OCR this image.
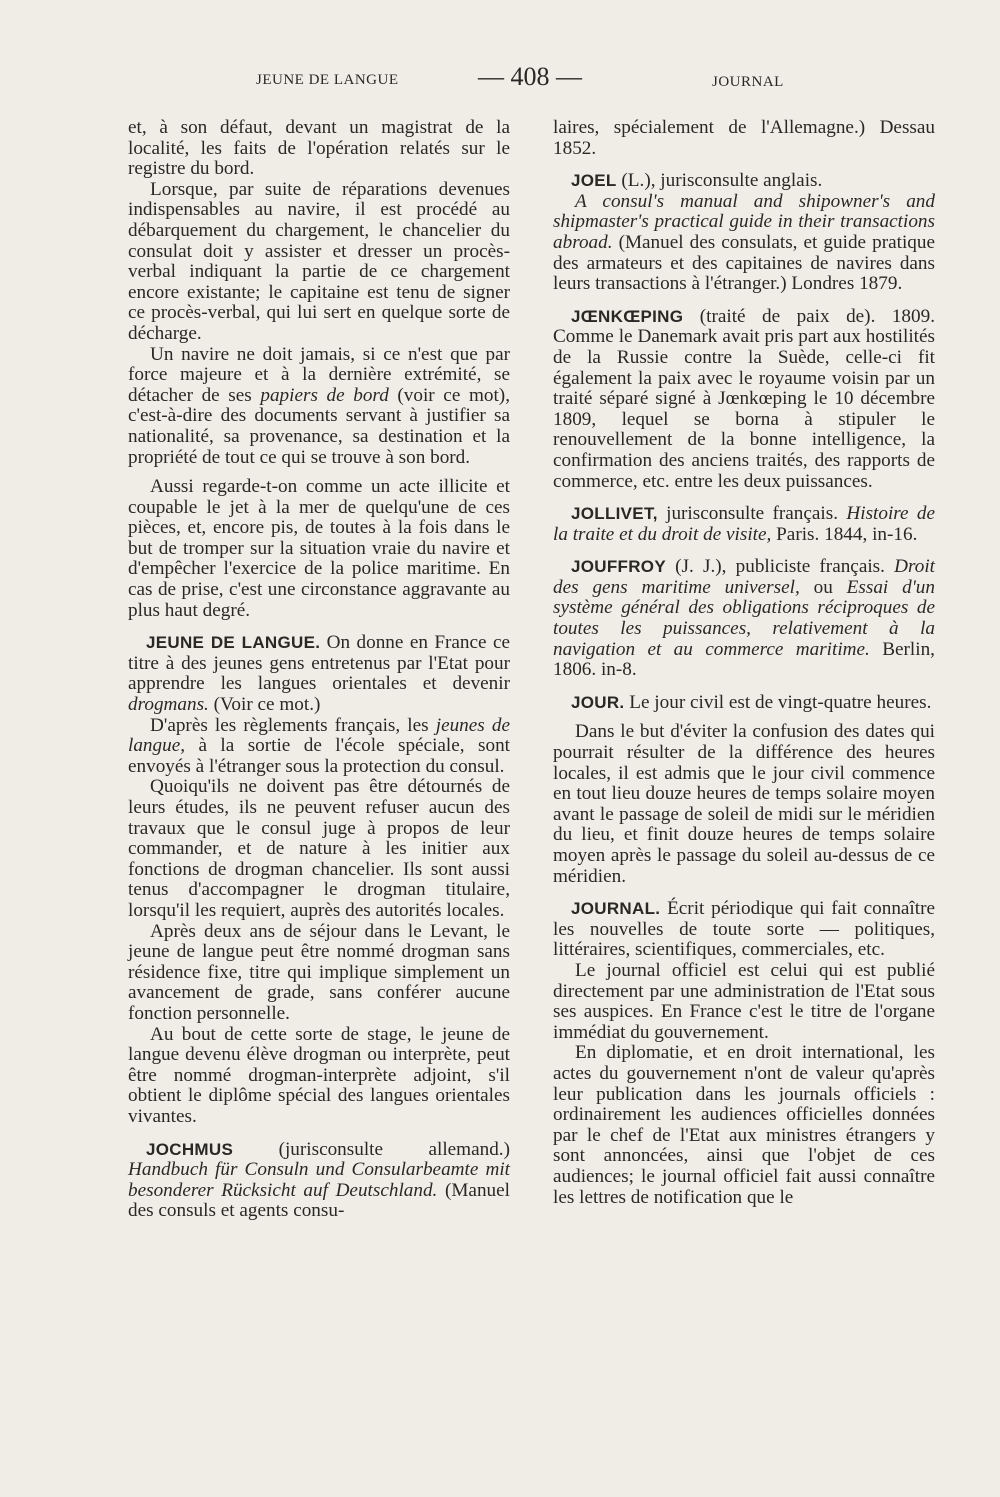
JEUNE DE LANGUE	— 408 —	JOURNAL

et, à son défaut, devant un magistrat de la localité, les faits de l'opération relatés sur le registre du bord.

Lorsque, par suite de réparations devenues indispensables au navire, il est procédé au débarquement du chargement, le chancelier du consulat doit y assister et dresser un procès-verbal indiquant la partie de ce chargement encore existante; le capitaine est tenu de signer ce procès-verbal, qui lui sert en quelque sorte de décharge.

Un navire ne doit jamais, si ce n'est que par force majeure et à la dernière extrémité, se détacher de ses papiers de bord (voir ce mot), c'est-à-dire des documents servant à justifier sa nationalité, sa provenance, sa destination et la propriété de tout ce qui se trouve à son bord.

Aussi regarde-t-on comme un acte illicite et coupable le jet à la mer de quelqu'une de ces pièces, et, encore pis, de toutes à la fois dans le but de tromper sur la situation vraie du navire et d'empêcher l'exercice de la police maritime. En cas de prise, c'est une circonstance aggravante au plus haut degré.

JEUNE DE LANGUE. On donne en France ce titre à des jeunes gens entretenus par l'Etat pour apprendre les langues orientales et devenir drogmans. (Voir ce mot.)

D'après les règlements français, les jeunes de langue, à la sortie de l'école spéciale, sont envoyés à l'étranger sous la protection du consul.

Quoiqu'ils ne doivent pas être détournés de leurs études, ils ne peuvent refuser aucun des travaux que le consul juge à propos de leur commander, et de nature à les initier aux fonctions de drogman chancelier. Ils sont aussi tenus d'accompagner le drogman titulaire, lorsqu'il les requiert, auprès des autorités locales.

Après deux ans de séjour dans le Levant, le jeune de langue peut être nommé drogman sans résidence fixe, titre qui implique simplement un avancement de grade, sans conférer aucune fonction personnelle.

Au bout de cette sorte de stage, le jeune de langue devenu élève drogman ou interprète, peut être nommé drogman-interprète adjoint, s'il obtient le diplôme spécial des langues orientales vivantes.

JOCHMUS (jurisconsulte allemand.) Handbuch für Consuln und Consularbeamte mit besonderer Rücksicht auf Deutschland. (Manuel des consuls et agents consu-

laires, spécialement de l'Allemagne.) Dessau 1852.

JOEL (L.), jurisconsulte anglais.

A consul's manual and shipowner's and shipmaster's practical guide in their transactions abroad. (Manuel des consulats, et guide pratique des armateurs et des capitaines de navires dans leurs transactions à l'étranger.) Londres 1879.

JŒNKŒPING (traité de paix de). 1809. Comme le Danemark avait pris part aux hostilités de la Russie contre la Suède, celle-ci fit également la paix avec le royaume voisin par un traité séparé signé à Jœnkœping le 10 décembre 1809, lequel se borna à stipuler le renouvellement de la bonne intelligence, la confirmation des anciens traités, des rapports de commerce, etc. entre les deux puissances.

JOLLIVET, jurisconsulte français. Histoire de la traite et du droit de visite, Paris. 1844, in-16.

JOUFFROY (J. J.), publiciste français. Droit des gens maritime universel, ou Essai d'un système général des obligations réciproques de toutes les puissances, relativement à la navigation et au commerce maritime. Berlin, 1806. in-8.

JOUR. Le jour civil est de vingt-quatre heures.

Dans le but d'éviter la confusion des dates qui pourrait résulter de la différence des heures locales, il est admis que le jour civil commence en tout lieu douze heures de temps solaire moyen avant le passage de soleil de midi sur le méridien du lieu, et finit douze heures de temps solaire moyen après le passage du soleil au-dessus de ce méridien.

JOURNAL. Écrit périodique qui fait connaître les nouvelles de toute sorte — politiques, littéraires, scientifiques, commerciales, etc.

Le journal officiel est celui qui est publié directement par une administration de l'Etat sous ses auspices. En France c'est le titre de l'organe immédiat du gouvernement.

En diplomatie, et en droit international, les actes du gouvernement n'ont de valeur qu'après leur publication dans les journals officiels : ordinairement les audiences officielles données par le chef de l'Etat aux ministres étrangers y sont annoncées, ainsi que l'objet de ces audiences; le journal officiel fait aussi connaître les lettres de notification que le
